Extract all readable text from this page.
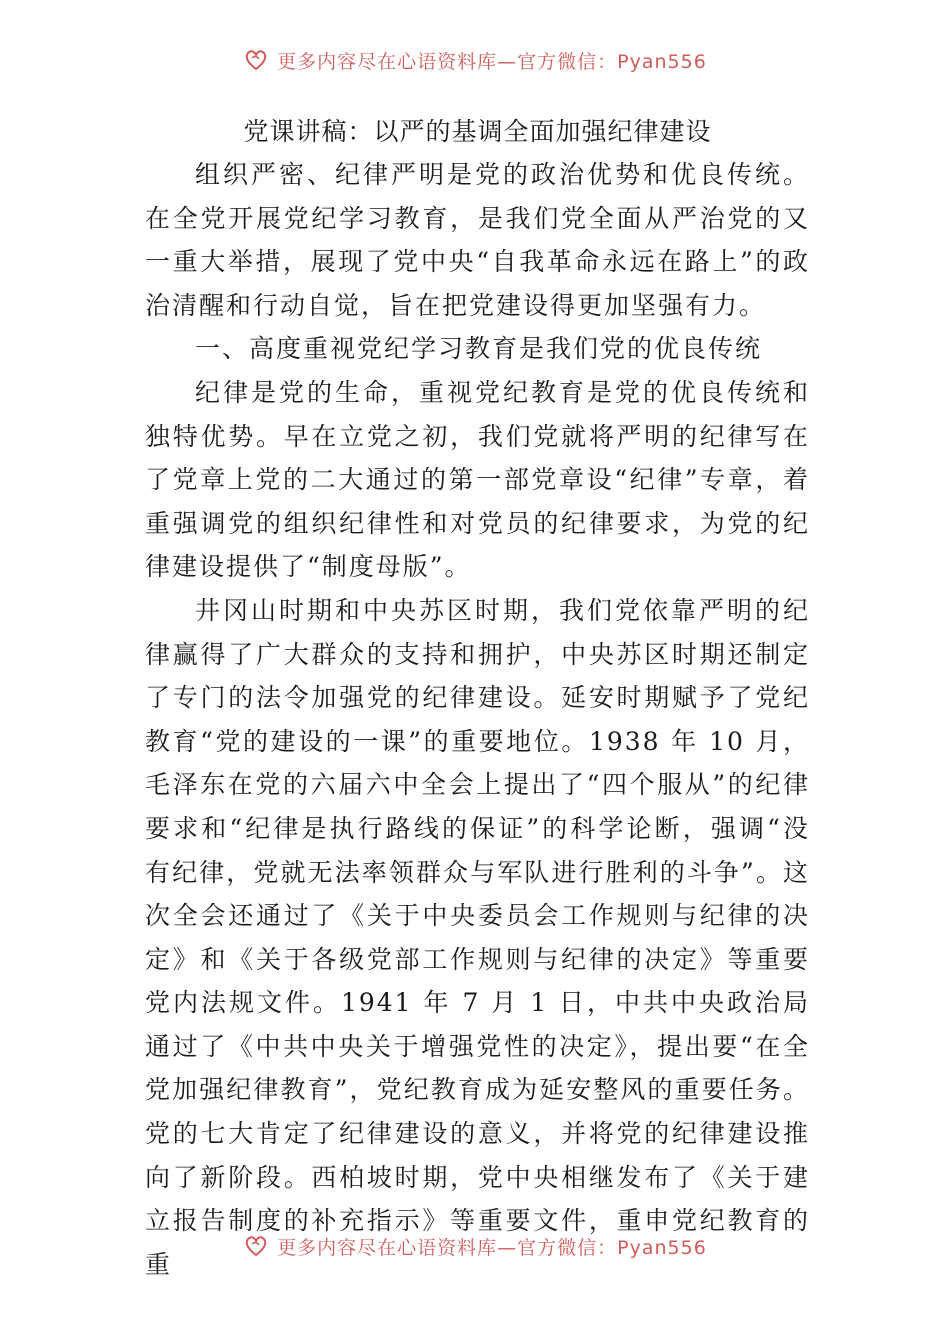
更多内容尽在心语资料库—官方微信：Pyan556
党课讲稿：以严的基调全面加强纪律建设

组织严密、纪律严明是党的政治优势和优良传统。在全党开展党纪学习教育，是我们党全面从严治党的又一重大举措，展现了党中央“自我革命永远在路上”的政治清醒和行动自觉，旨在把党建设得更加坚强有力。

一、高度重视党纪学习教育是我们党的优良传统

纪律是党的生命，重视党纪教育是党的优良传统和独特优势。早在立党之初，我们党就将严明的纪律写在了党章上党的二大通过的第一部党章设“纪律”专章，着重强调党的组织纪律性和对党员的纪律要求，为党的纪律建设提供了“制度母版”。

井冈山时期和中央苏区时期，我们党依靠严明的纪律赢得了广大群众的支持和拥护，中央苏区时期还制定了专门的法令加强党的纪律建设。延安时期赋予了党纪教育“党的建设的一课”的重要地位。1938 年 10 月，毛泽东在党的六届六中全会上提出了“四个服从”的纪律要求和“纪律是执行路线的保证”的科学论断，强调“没有纪律，党就无法率领群众与军队进行胜利的斗争”。这次全会还通过了《关于中央委员会工作规则与纪律的决定》和《关于各级党部工作规则与纪律的决定》等重要党内法规文件。1941 年 7 月 1 日，中共中央政治局通过了《中共中央关于增强党性的决定》，提出要“在全党加强纪律教育”，党纪教育成为延安整风的重要任务。党的七大肯定了纪律建设的意义，并将党的纪律建设推向了新阶段。西柏坡时期，党中央相继发布了《关于建立报告制度的补充指示》等重要文件，重申党纪教育的重

更多内容尽在心语资料库—官方微信：Pyan556
